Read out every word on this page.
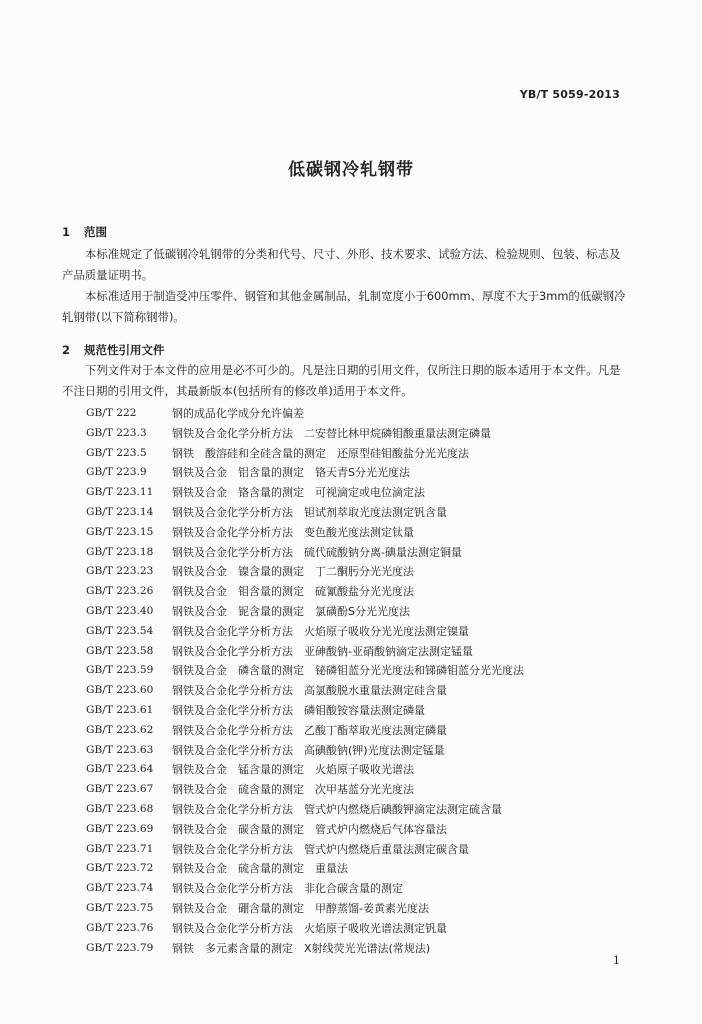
YB/T 5059-2013
低碳钢冷轧钢带
1 范围

本标准规定了低碳钢冷轧钢带的分类和代号、尺寸、外形、技术要求、试验方法、检验规则、包装、标志及产品质量证明书。

本标准适用于制造受冲压零件、钢管和其他金属制品，轧制宽度小于600mm、厚度不大于3mm的低碳钢冷轧钢带(以下简称钢带)。

2 规范性引用文件

下列文件对于本文件的应用是必不可少的。凡是注日期的引用文件，仅所注日期的版本适用于本文件。凡是不注日期的引用文件，其最新版本(包括所有的修改单)适用于本文件。

GB/T 222	钢的成品化学成分允许偏差
GB/T 223.3	钢铁及合金化学分析方法　二安替比林甲烷磷钼酸重量法测定磷量
GB/T 223.5	钢铁　酸溶硅和全硅含量的测定　还原型硅钼酸盐分光光度法
GB/T 223.9	钢铁及合金　铝含量的测定　铬天青S分光光度法
GB/T 223.11	钢铁及合金　铬含量的测定　可视滴定或电位滴定法
GB/T 223.14	钢铁及合金化学分析方法　钽试剂萃取光度法测定钒含量
GB/T 223.15	钢铁及合金化学分析方法　变色酸光度法测定钛量
GB/T 223.18	钢铁及合金化学分析方法　硫代硫酸钠分离-碘量法测定铜量
GB/T 223.23	钢铁及合金　镍含量的测定　丁二酮肟分光光度法
GB/T 223.26	钢铁及合金　钼含量的测定　硫氰酸盐分光光度法
GB/T 223.40	钢铁及合金　铌含量的测定　氯磺酚S分光光度法
GB/T 223.54	钢铁及合金化学分析方法　火焰原子吸收分光光度法测定镍量
GB/T 223.58	钢铁及合金化学分析方法　亚砷酸钠-亚硝酸钠滴定法测定锰量
GB/T 223.59	钢铁及合金　磷含量的测定　铋磷钼蓝分光光度法和锑磷钼蓝分光光度法
GB/T 223.60	钢铁及合金化学分析方法　高氯酸脱水重量法测定硅含量
GB/T 223.61	钢铁及合金化学分析方法　磷钼酸铵容量法测定磷量
GB/T 223.62	钢铁及合金化学分析方法　乙酸丁酯萃取光度法测定磷量
GB/T 223.63	钢铁及合金化学分析方法　高碘酸钠(钾)光度法测定锰量
GB/T 223.64	钢铁及合金　锰含量的测定　火焰原子吸收光谱法
GB/T 223.67	钢铁及合金　硫含量的测定　次甲基蓝分光光度法
GB/T 223.68	钢铁及合金化学分析方法　管式炉内燃烧后碘酸钾滴定法测定硫含量
GB/T 223.69	钢铁及合金　碳含量的测定　管式炉内燃烧后气体容量法
GB/T 223.71	钢铁及合金化学分析方法　管式炉内燃烧后重量法测定碳含量
GB/T 223.72	钢铁及合金　硫含量的测定　重量法
GB/T 223.74	钢铁及合金化学分析方法　非化合碳含量的测定
GB/T 223.75	钢铁及合金　硼含量的测定　甲醇蒸馏-姜黄素光度法
GB/T 223.76	钢铁及合金化学分析方法　火焰原子吸收光谱法测定钒量
GB/T 223.79	钢铁　多元素含量的测定　X射线荧光光谱法(常规法)
1
